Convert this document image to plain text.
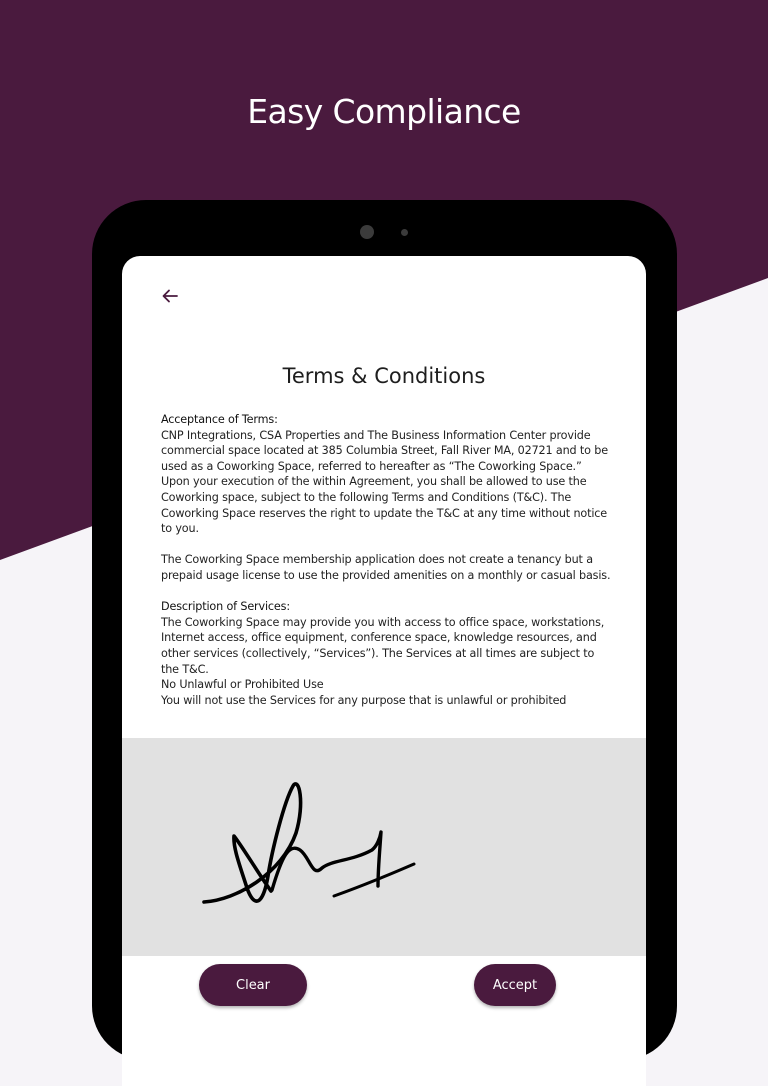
Easy Compliance
Terms & Conditions

Acceptance of Terms:

CNP Integrations, CSA Properties and The Business Information Center provide commercial space located at 385 Columbia Street, Fall River MA, 02721 and to be used as a Coworking Space, referred to hereafter as “The Coworking Space.” Upon your execution of the within Agreement, you shall be allowed to use the Coworking space, subject to the following Terms and Conditions (T&C). The Coworking Space reserves the right to update the T&C at any time without notice to you.

The Coworking Space membership application does not create a tenancy but a prepaid usage license to use the provided amenities on a monthly or casual basis.

Description of Services:

The Coworking Space may provide you with access to office space, workstations, Internet access, office equipment, conference space, knowledge resources, and other services (collectively, “Services”). The Services at all times are subject to the T&C.

No Unlawful or Prohibited Use

You will not use the Services for any purpose that is unlawful or prohibited

Clear	Accept
